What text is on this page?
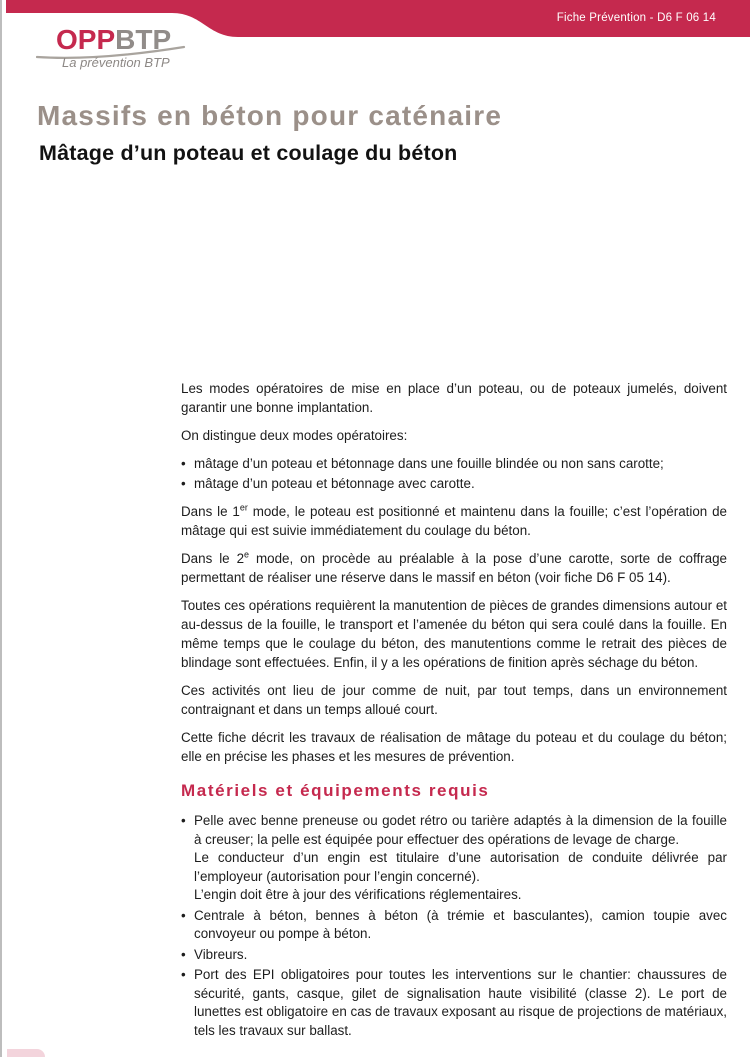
Fiche Prévention - D6 F 06 14
OPPBTP
La prévention BTP
Massifs en béton pour caténaire
Mâtage d’un poteau et coulage du béton

Les modes opératoires de mise en place d’un poteau, ou de poteaux jumelés, doivent garantir une bonne implantation.

On distingue deux modes opératoires:

• mâtage d’un poteau et bétonnage dans une fouille blindée ou non sans carotte;
• mâtage d’un poteau et bétonnage avec carotte.

Dans le 1er mode, le poteau est positionné et maintenu dans la fouille; c’est l’opération de mâtage qui est suivie immédiatement du coulage du béton.

Dans le 2e mode, on procède au préalable à la pose d’une carotte, sorte de coffrage permettant de réaliser une réserve dans le massif en béton (voir fiche D6 F 05 14).

Toutes ces opérations requièrent la manutention de pièces de grandes dimensions autour et au-dessus de la fouille, le transport et l’amenée du béton qui sera coulé dans la fouille. En même temps que le coulage du béton, des manutentions comme le retrait des pièces de blindage sont effectuées. Enfin, il y a les opérations de finition après séchage du béton.

Ces activités ont lieu de jour comme de nuit, par tout temps, dans un environnement contraignant et dans un temps alloué court.

Cette fiche décrit les travaux de réalisation de mâtage du poteau et du coulage du béton; elle en précise les phases et les mesures de prévention.

Matériels et équipements requis
• Pelle avec benne preneuse ou godet rétro ou tarière adaptés à la dimension de la fouille à creuser; la pelle est équipée pour effectuer des opérations de levage de charge.
Le conducteur d’un engin est titulaire d’une autorisation de conduite délivrée par l’employeur (autorisation pour l’engin concerné).
L’engin doit être à jour des vérifications réglementaires.
• Centrale à béton, bennes à béton (à trémie et basculantes), camion toupie avec convoyeur ou pompe à béton.
• Vibreurs.
• Port des EPI obligatoires pour toutes les interventions sur le chantier: chaussures de sécurité, gants, casque, gilet de signalisation haute visibilité (classe 2). Le port de lunettes est obligatoire en cas de travaux exposant au risque de projections de matériaux, tels les travaux sur ballast.
